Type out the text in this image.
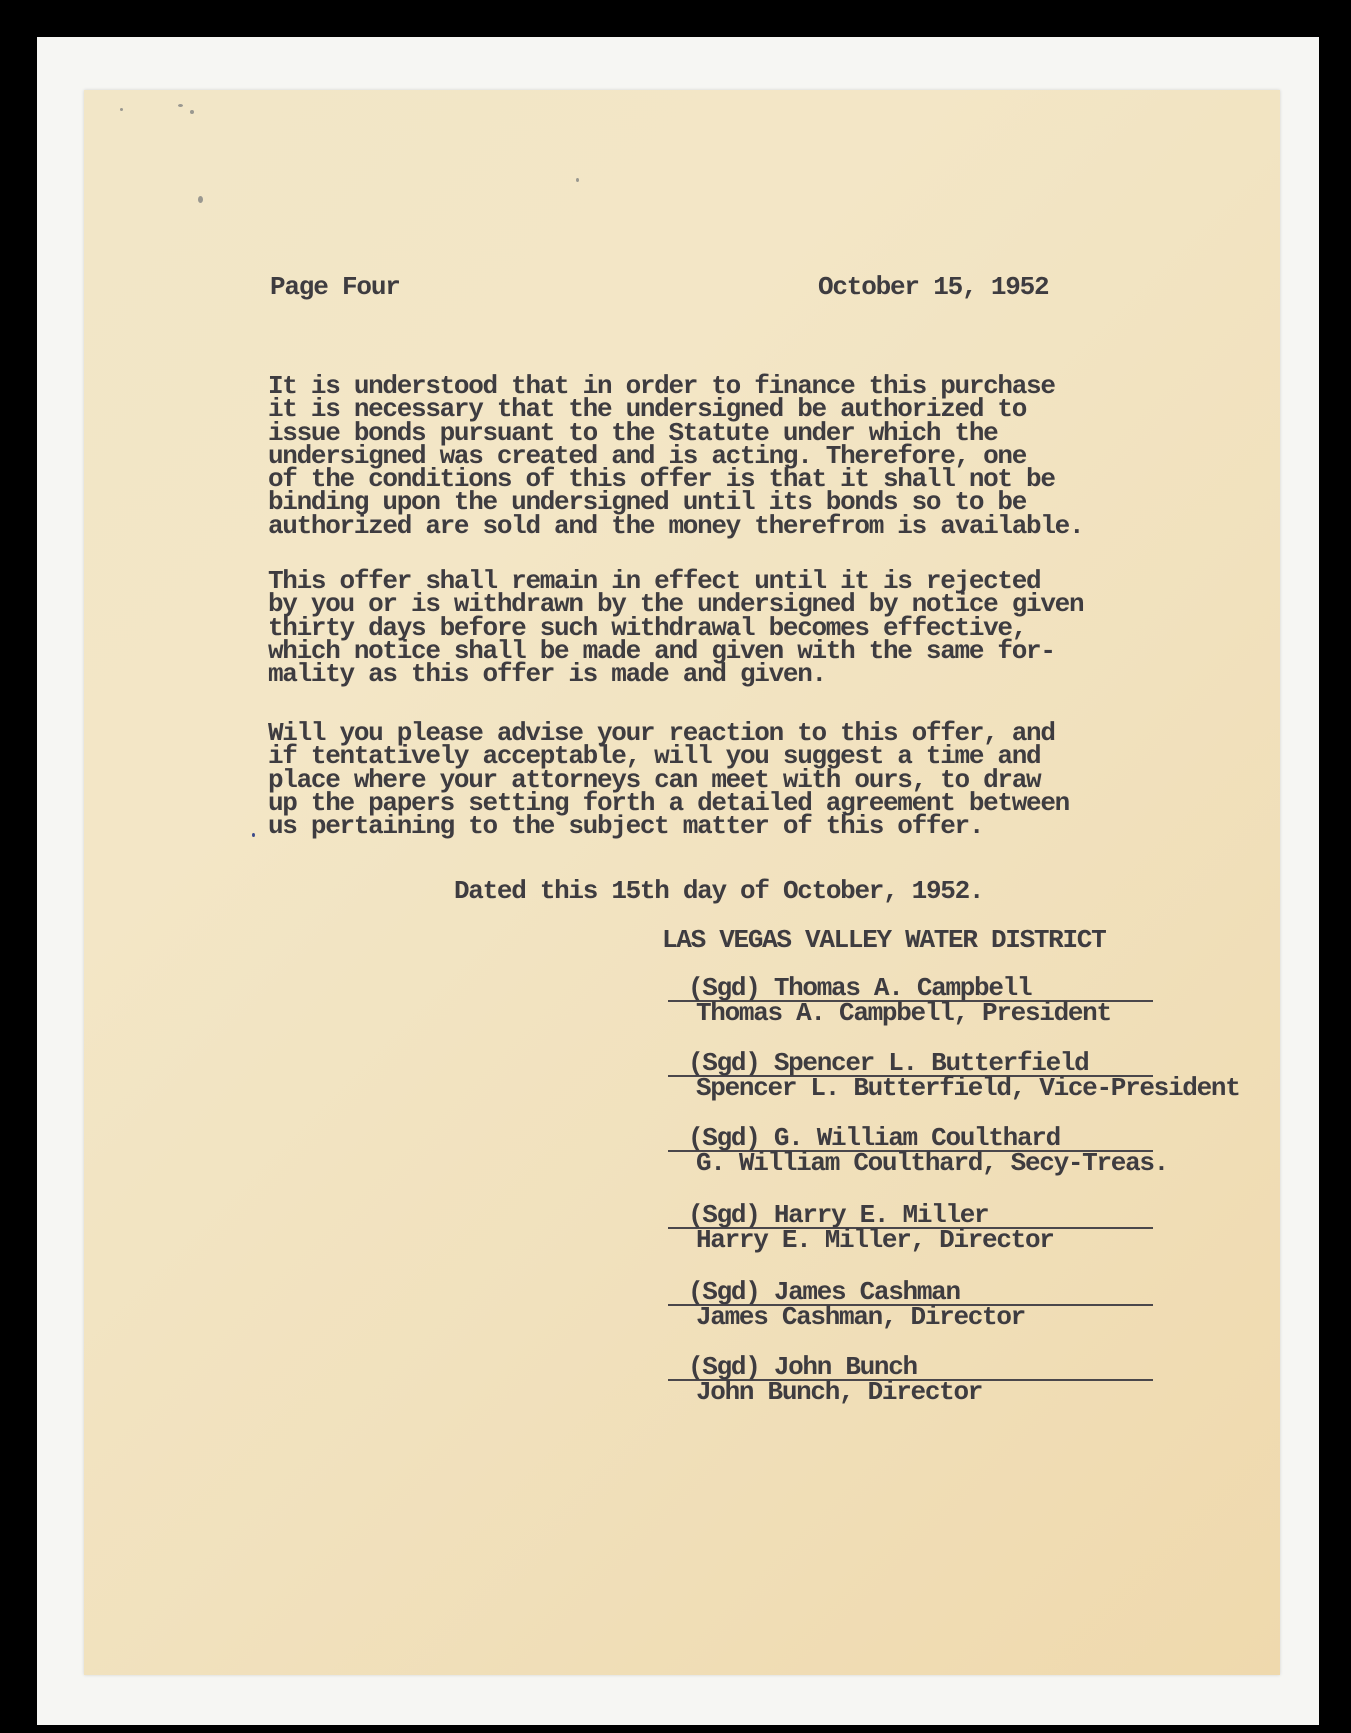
Page Four	October 15, 1952
It is understood that in order to finance this purchase
it is necessary that the undersigned be authorized to
issue bonds pursuant to the Statute under which the
undersigned was created and is acting. Therefore, one
of the conditions of this offer is that it shall not be
binding upon the undersigned until its bonds so to be
authorized are sold and the money therefrom is available.
This offer shall remain in effect until it is rejected
by you or is withdrawn by the undersigned by notice given
thirty days before such withdrawal becomes effective,
which notice shall be made and given with the same for-
mality as this offer is made and given.
Will you please advise your reaction to this offer, and
if tentatively acceptable, will you suggest a time and
place where your attorneys can meet with ours, to draw
up the papers setting forth a detailed agreement between
us pertaining to the subject matter of this offer.
Dated this 15th day of October, 1952.
LAS VEGAS VALLEY WATER DISTRICT
(Sgd) Thomas A. Campbell
Thomas A. Campbell, President
(Sgd) Spencer L. Butterfield
Spencer L. Butterfield, Vice-President
(Sgd) G. William Coulthard
G. William Coulthard, Secy-Treas.
(Sgd) Harry E. Miller
Harry E. Miller, Director
(Sgd) James Cashman
James Cashman, Director
(Sgd) John Bunch
John Bunch, Director
